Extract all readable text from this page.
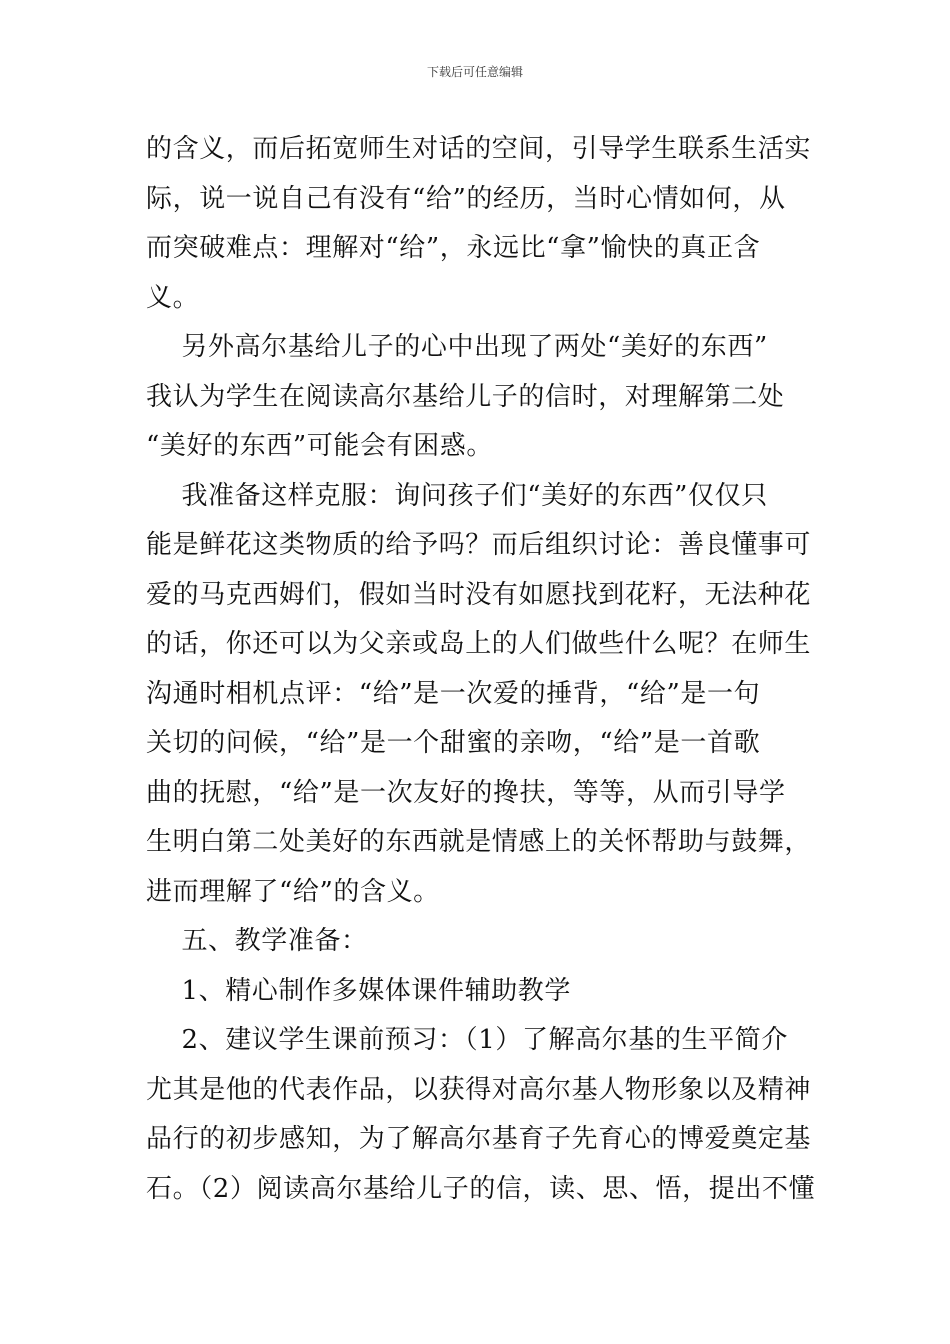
下载后可任意编辑
的含义，而后拓宽师生对话的空间，引导学生联系生活实
际，说一说自己有没有“给”的经历，当时心情如何，从
而突破难点：理解对“给”，永远比“拿”愉快的真正含
义。
另外高尔基给儿子的心中出现了两处“美好的东西”
我认为学生在阅读高尔基给儿子的信时，对理解第二处
“美好的东西”可能会有困惑。
我准备这样克服：询问孩子们“美好的东西”仅仅只
能是鲜花这类物质的给予吗？而后组织讨论：善良懂事可
爱的马克西姆们，假如当时没有如愿找到花籽，无法种花
的话，你还可以为父亲或岛上的人们做些什么呢？在师生
沟通时相机点评：“给”是一次爱的捶背，“给”是一句
关切的问候，“给”是一个甜蜜的亲吻，“给”是一首歌
曲的抚慰，“给”是一次友好的搀扶，等等，从而引导学
生明白第二处美好的东西就是情感上的关怀帮助与鼓舞，
进而理解了“给”的含义。
五、教学准备：
1、精心制作多媒体课件辅助教学
2、建议学生课前预习：（1）了解高尔基的生平简介
尤其是他的代表作品，以获得对高尔基人物形象以及精神
品行的初步感知，为了解高尔基育子先育心的博爱奠定基
石。（2）阅读高尔基给儿子的信，读、思、悟，提出不懂
